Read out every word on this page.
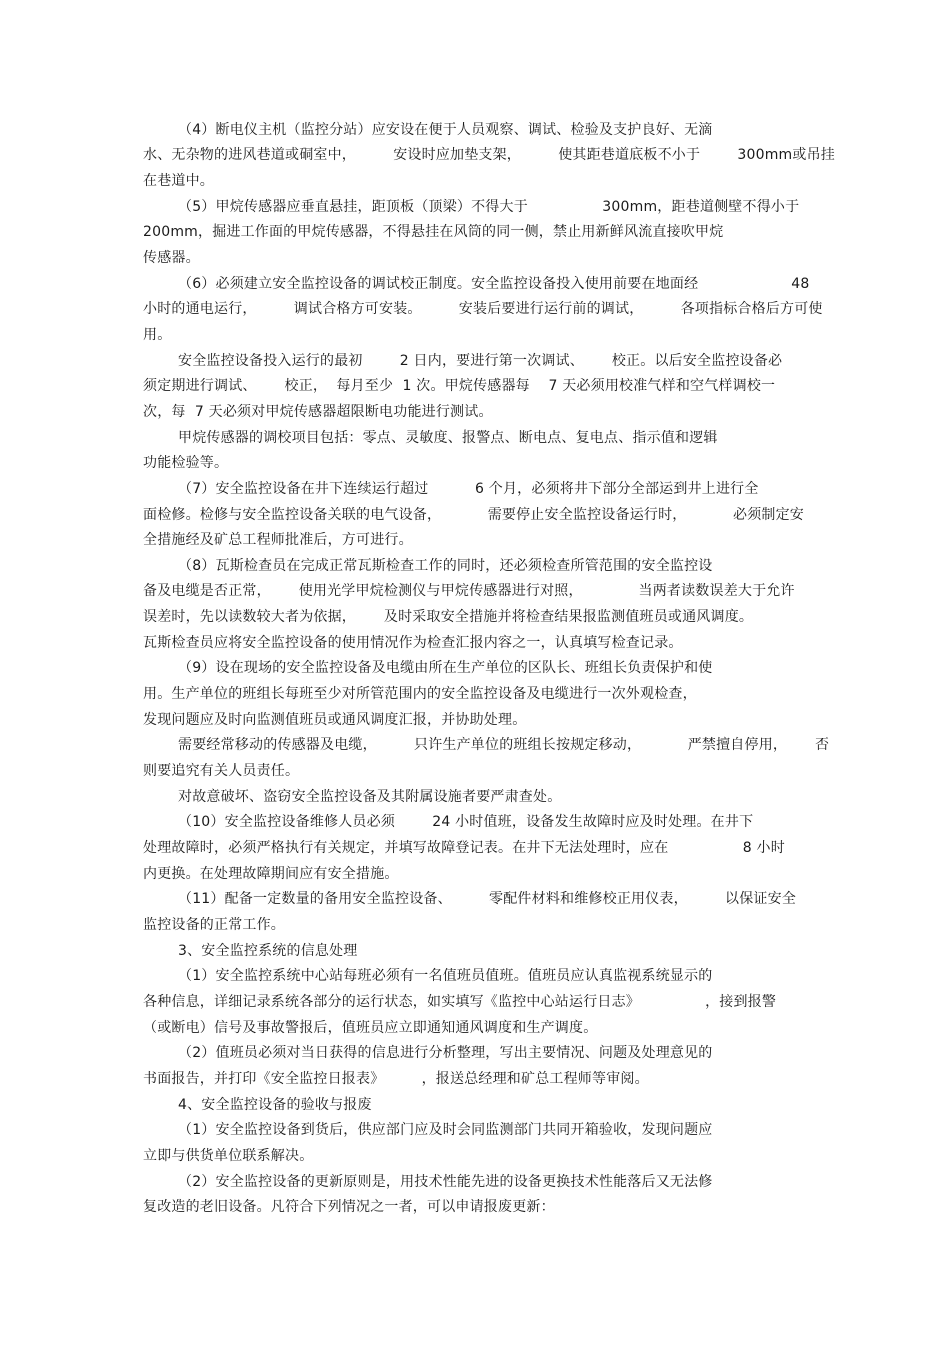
（4）断电仪主机（监控分站）应安设在便于人员观察、调试、检验及支护良好、无滴
水、无杂物的进风巷道或硐室中，        安设时应加垫支架，        使其距巷道底板不小于        300mm或吊挂
在巷道中。
（5）甲烷传感器应垂直悬挂，距顶板（顶梁）不得大于                300mm，距巷道侧壁不得小于
200mm，掘进工作面的甲烷传感器，不得悬挂在风筒的同一侧，禁止用新鲜风流直接吹甲烷
传感器。
（6）必须建立安全监控设备的调试校正制度。安全监控设备投入使用前要在地面经                    48
小时的通电运行，        调试合格方可安装。        安装后要进行运行前的调试，        各项指标合格后方可使
用。
安全监控设备投入运行的最初        2 日内，要进行第一次调试、      校正。以后安全监控设备必
须定期进行调试、      校正，  每月至少  1 次。甲烷传感器每    7 天必须用校准气样和空气样调校一
次，每  7 天必须对甲烷传感器超限断电功能进行测试。
甲烷传感器的调校项目包括：零点、灵敏度、报警点、断电点、复电点、指示值和逻辑
功能检验等。
（7）安全监控设备在井下连续运行超过          6 个月，必须将井下部分全部运到井上进行全
面检修。检修与安全监控设备关联的电气设备，          需要停止安全监控设备运行时，          必须制定安
全措施经及矿总工程师批准后，方可进行。
（8）瓦斯检查员在完成正常瓦斯检查工作的同时，还必须检查所管范围的安全监控设
备及电缆是否正常，      使用光学甲烷检测仪与甲烷传感器进行对照，            当两者读数误差大于允许
误差时，先以读数较大者为依据，      及时采取安全措施并将检查结果报监测值班员或通风调度。
瓦斯检查员应将安全监控设备的使用情况作为检查汇报内容之一，认真填写检查记录。
（9）设在现场的安全监控设备及电缆由所在生产单位的区队长、班组长负责保护和使
用。生产单位的班组长每班至少对所管范围内的安全监控设备及电缆进行一次外观检查，
发现问题应及时向监测值班员或通风调度汇报，并协助处理。
需要经常移动的传感器及电缆，        只许生产单位的班组长按规定移动，          严禁擅自停用，      否
则要追究有关人员责任。
对故意破坏、盗窃安全监控设备及其附属设施者要严肃查处。
（10）安全监控设备维修人员必须        24 小时值班，设备发生故障时应及时处理。在井下
处理故障时，必须严格执行有关规定，并填写故障登记表。在井下无法处理时，应在                8 小时
内更换。在处理故障期间应有安全措施。
（11）配备一定数量的备用安全监控设备、        零配件材料和维修校正用仪表，        以保证安全
监控设备的正常工作。
3、安全监控系统的信息处理
（1）安全监控系统中心站每班必须有一名值班员值班。值班员应认真监视系统显示的
各种信息，详细记录系统各部分的运行状态，如实填写《监控中心站运行日志》              ，接到报警
（或断电）信号及事故警报后，值班员应立即通知通风调度和生产调度。
（2）值班员必须对当日获得的信息进行分析整理，写出主要情况、问题及处理意见的
书面报告，并打印《安全监控日报表》        ，报送总经理和矿总工程师等审阅。
4、安全监控设备的验收与报废
（1）安全监控设备到货后，供应部门应及时会同监测部门共同开箱验收，发现问题应
立即与供货单位联系解决。
（2）安全监控设备的更新原则是，用技术性能先进的设备更换技术性能落后又无法修
复改造的老旧设备。凡符合下列情况之一者，可以申请报废更新：
